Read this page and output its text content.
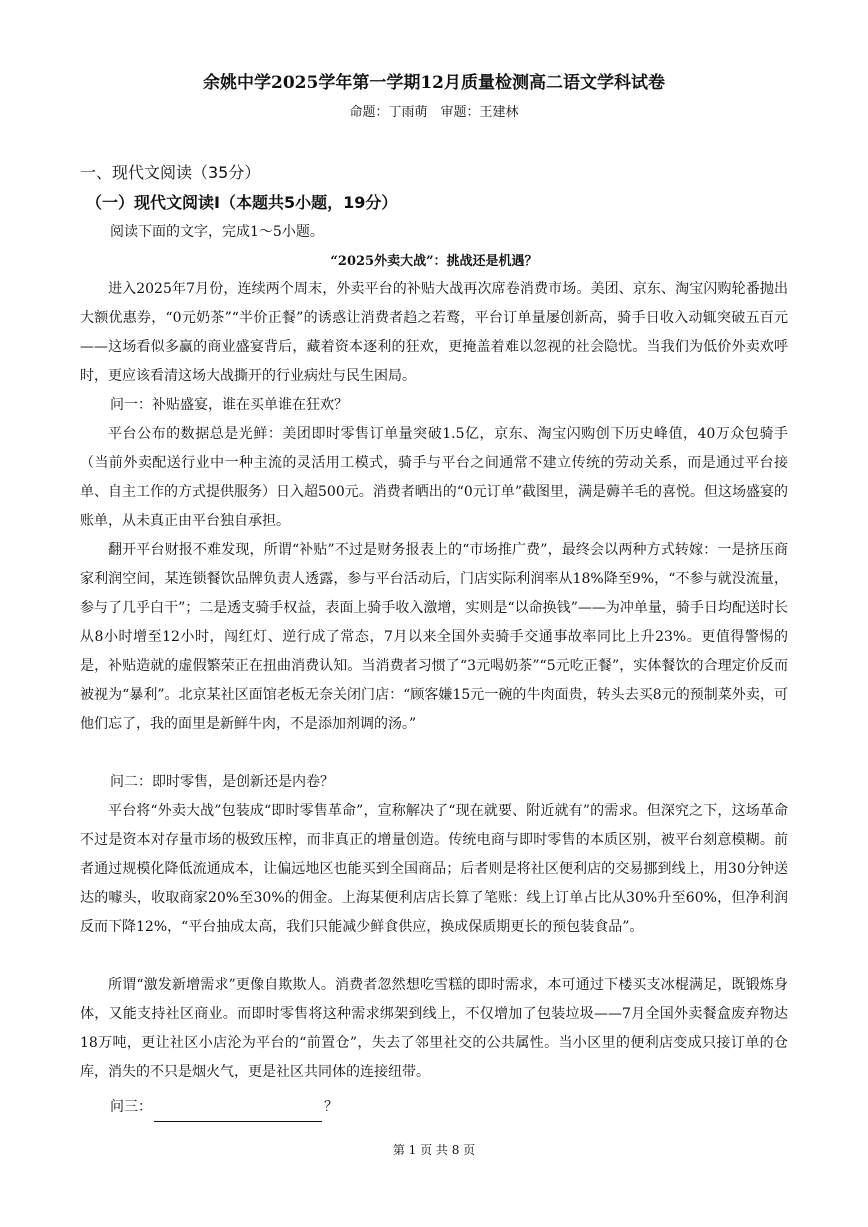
余姚中学2025学年第一学期12月质量检测高二语文学科试卷
命题：丁雨萌　审题：王建林
一、现代文阅读（35分）
（一）现代文阅读Ⅰ（本题共5小题，19分）
阅读下面的文字，完成1～5小题。
“2025外卖大战”：挑战还是机遇？
进入2025年7月份，连续两个周末，外卖平台的补贴大战再次席卷消费市场。美团、京东、淘宝闪购轮番抛出大额优惠券，“0元奶茶”“半价正餐”的诱惑让消费者趋之若鹜，平台订单量屡创新高，骑手日收入动辄突破五百元——这场看似多赢的商业盛宴背后，藏着资本逐利的狂欢，更掩盖着难以忽视的社会隐忧。当我们为低价外卖欢呼时，更应该看清这场大战撕开的行业病灶与民生困局。
问一：补贴盛宴，谁在买单谁在狂欢？
平台公布的数据总是光鲜：美团即时零售订单量突破1.5亿，京东、淘宝闪购创下历史峰值，40万众包骑手（当前外卖配送行业中一种主流的灵活用工模式，骑手与平台之间通常不建立传统的劳动关系，而是通过平台接单、自主工作的方式提供服务）日入超500元。消费者晒出的“0元订单”截图里，满是薅羊毛的喜悦。但这场盛宴的账单，从未真正由平台独自承担。
翻开平台财报不难发现，所谓“补贴”不过是财务报表上的“市场推广费”，最终会以两种方式转嫁：一是挤压商家利润空间，某连锁餐饮品牌负责人透露，参与平台活动后，门店实际利润率从18%降至9%，“不参与就没流量，参与了几乎白干”；二是透支骑手权益，表面上骑手收入激增，实则是“以命换钱”——为冲单量，骑手日均配送时长从8小时增至12小时，闯红灯、逆行成了常态，7月以来全国外卖骑手交通事故率同比上升23%。更值得警惕的是，补贴造就的虚假繁荣正在扭曲消费认知。当消费者习惯了“3元喝奶茶”“5元吃正餐”，实体餐饮的合理定价反而被视为“暴利”。北京某社区面馆老板无奈关闭门店：“顾客嫌15元一碗的牛肉面贵，转头去买8元的预制菜外卖，可他们忘了，我的面里是新鲜牛肉，不是添加剂调的汤。”
问二：即时零售，是创新还是内卷？
平台将“外卖大战”包装成“即时零售革命”，宣称解决了“现在就要、附近就有”的需求。但深究之下，这场革命不过是资本对存量市场的极致压榨，而非真正的增量创造。传统电商与即时零售的本质区别，被平台刻意模糊。前者通过规模化降低流通成本，让偏远地区也能买到全国商品；后者则是将社区便利店的交易挪到线上，用30分钟送达的噱头，收取商家20%至30%的佣金。上海某便利店店长算了笔账：线上订单占比从30%升至60%，但净利润反而下降12%，“平台抽成太高，我们只能减少鲜食供应，换成保质期更长的预包装食品”。
所谓“激发新增需求”更像自欺欺人。消费者忽然想吃雪糕的即时需求，本可通过下楼买支冰棍满足，既锻炼身体，又能支持社区商业。而即时零售将这种需求绑架到线上，不仅增加了包装垃圾——7月全国外卖餐盒废弃物达18万吨，更让社区小店沦为平台的“前置仓”，失去了邻里社交的公共属性。当小区里的便利店变成只接订单的仓库，消失的不只是烟火气，更是社区共同体的连接纽带。
问三：	？
第 1 页 共 8 页
